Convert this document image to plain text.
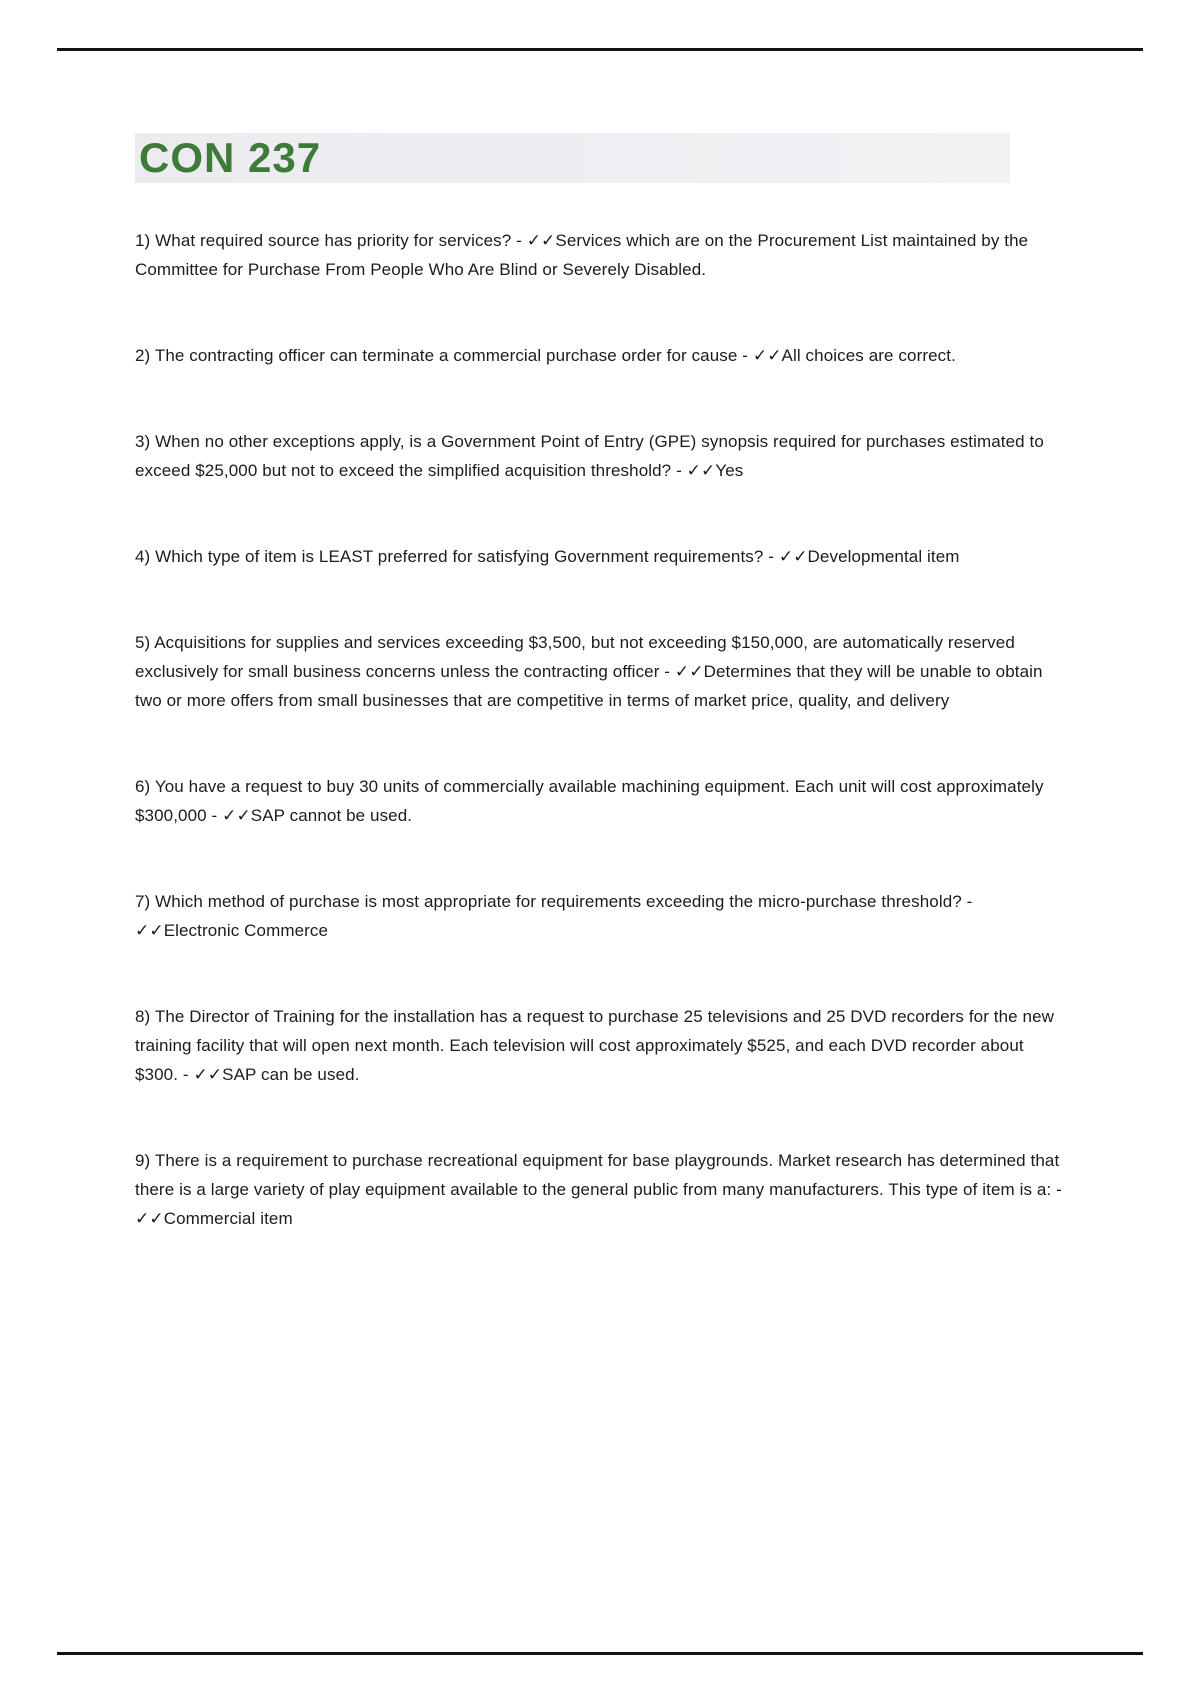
CON 237

1) What required source has priority for services? - ✓✓Services which are on the Procurement List maintained by the Committee for Purchase From People Who Are Blind or Severely Disabled.

2) The contracting officer can terminate a commercial purchase order for cause - ✓✓All choices are correct.

3) When no other exceptions apply, is a Government Point of Entry (GPE) synopsis required for purchases estimated to exceed $25,000 but not to exceed the simplified acquisition threshold? - ✓✓Yes

4) Which type of item is LEAST preferred for satisfying Government requirements? - ✓✓Developmental item

5) Acquisitions for supplies and services exceeding $3,500, but not exceeding $150,000, are automatically reserved exclusively for small business concerns unless the contracting officer - ✓✓Determines that they will be unable to obtain two or more offers from small businesses that are competitive in terms of market price, quality, and delivery

6) You have a request to buy 30 units of commercially available machining equipment. Each unit will cost approximately $300,000 - ✓✓SAP cannot be used.

7) Which method of purchase is most appropriate for requirements exceeding the micro-purchase threshold? - ✓✓Electronic Commerce

8) The Director of Training for the installation has a request to purchase 25 televisions and 25 DVD recorders for the new training facility that will open next month. Each television will cost approximately $525, and each DVD recorder about $300. - ✓✓SAP can be used.

9) There is a requirement to purchase recreational equipment for base playgrounds. Market research has determined that there is a large variety of play equipment available to the general public from many manufacturers. This type of item is a: - ✓✓Commercial item
